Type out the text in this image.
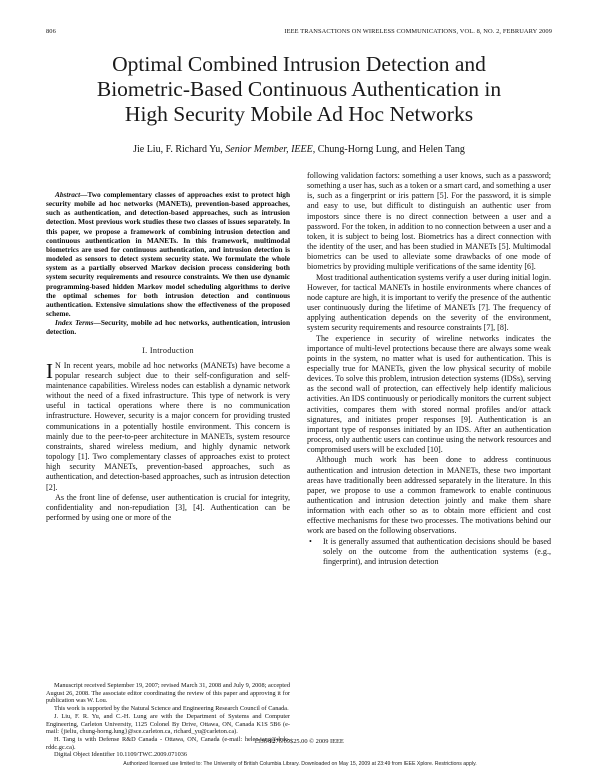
806	IEEE TRANSACTIONS ON WIRELESS COMMUNICATIONS, VOL. 8, NO. 2, FEBRUARY 2009
Optimal Combined Intrusion Detection and
Biometric-Based Continuous Authentication in
High Security Mobile Ad Hoc Networks
Jie Liu, F. Richard Yu, Senior Member, IEEE, Chung-Horng Lung, and Helen Tang

Abstract—Two complementary classes of approaches exist to protect high security mobile ad hoc networks (MANETs), prevention-based approaches, such as authentication, and detection-based approaches, such as intrusion detection. Most previous work studies these two classes of issues separately. In this paper, we propose a framework of combining intrusion detection and continuous authentication in MANETs. In this framework, multimodal biometrics are used for continuous authentication, and intrusion detection is modeled as sensors to detect system security state. We formulate the whole system as a partially observed Markov decision process considering both system security requirements and resource constraints. We then use dynamic programming-based hidden Markov model scheduling algorithms to derive the optimal schemes for both intrusion detection and continuous authentication. Extensive simulations show the effectiveness of the proposed scheme.

Index Terms—Security, mobile ad hoc networks, authentication, intrusion detection.

I. Introduction

I N In recent years, mobile ad hoc networks (MANETs) have become a popular research subject due to their self-configuration and self-maintenance capabilities. Wireless nodes can establish a dynamic network without the need of a fixed infrastructure. This type of network is very useful in tactical operations where there is no communication infrastructure. However, security is a major concern for providing trusted communications in a potentially hostile environment. This concern is mainly due to the peer-to-peer architecture in MANETs, system resource constraints, shared wireless medium, and highly dynamic network topology [1]. Two complementary classes of approaches exist to protect high security MANETs, prevention-based approaches, such as authentication, and detection-based approaches, such as intrusion detection [2].

As the front line of defense, user authentication is crucial for integrity, confidentiality and non-repudiation [3], [4]. Authentication can be performed by using one or more of the

Manuscript received September 19, 2007; revised March 31, 2008 and July 9, 2008; accepted August 26, 2008. The associate editor coordinating the review of this paper and approving it for publication was W. Lou.

This work is supported by the Natural Science and Engineering Research Council of Canada.

J. Liu, F. R. Yu, and C.-H. Lung are with the Department of Systems and Computer Engineering, Carleton University, 1125 Colonel By Drive, Ottawa, ON, Canada K1S 5B6 (e-mail: {jieliu, chung-horng.lung}@sce.carleton.ca, richard_yu@carleton.ca).

H. Tang is with Defense R&D Canada - Ottawa, ON, Canada (e-mail: helen.tang@drdc-rddc.gc.ca).

Digital Object Identifier 10.1109/TWC.2009.071036

following validation factors: something a user knows, such as a password; something a user has, such as a token or a smart card, and something a user is, such as a fingerprint or iris pattern [5]. For the password, it is simple and easy to use, but difficult to distinguish an authentic user from impostors since there is no direct connection between a user and a password. For the token, in addition to no connection between a user and a token, it is subject to being lost. Biometrics has a direct connection with the identity of the user, and has been studied in MANETs [5]. Multimodal biometrics can be used to alleviate some drawbacks of one mode of biometrics by providing multiple verifications of the same identity [6].

Most traditional authentication systems verify a user during initial login. However, for tactical MANETs in hostile environments where chances of node capture are high, it is important to verify the presence of the authentic user continuously during the lifetime of MANETs [7]. The frequency of applying authentication depends on the severity of the environment, system security requirements and resource constraints [7], [8].

The experience in security of wireline networks indicates the importance of multi-level protections because there are always some weak points in the system, no matter what is used for authentication. This is especially true for MANETs, given the low physical security of mobile devices. To solve this problem, intrusion detection systems (IDSs), serving as the second wall of protection, can effectively help identify malicious activities. An IDS continuously or periodically monitors the current subject activities, compares them with stored normal profiles and/or attack signatures, and initiates proper responses [9]. Authentication is an important type of responses initiated by an IDS. After an authentication process, only authentic users can continue using the network resources and compromised users will be excluded [10].

Although much work has been done to address continuous authentication and intrusion detection in MANETs, these two important areas have traditionally been addressed separately in the literature. In this paper, we propose to use a common framework to enable continuous authentication and intrusion detection jointly and make them share information with each other so as to obtain more efficient and cost effective mechanisms for these two processes. The motivations behind our work are based on the following observations.

•	It is generally assumed that authentication decisions should be based solely on the outcome from the authentication systems (e.g., fingerprint), and intrusion detection
1536-1276/09$25.00 © 2009 IEEE
Authorized licensed use limited to: The University of British Columbia Library. Downloaded on May 15, 2009 at 23:49 from IEEE Xplore. Restrictions apply.
